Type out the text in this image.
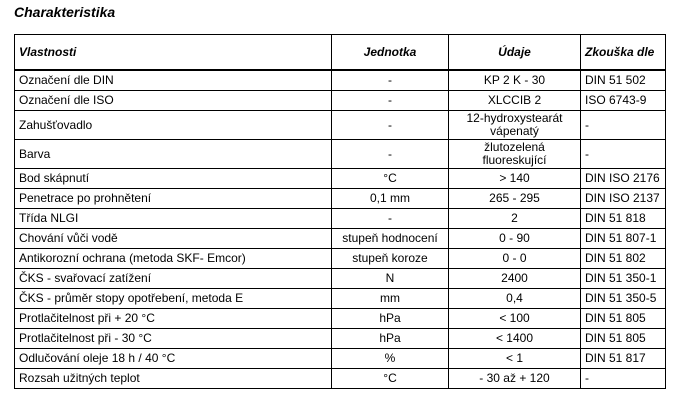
Charakteristika
Vlastnosti	Jednotka	Údaje	Zkouška dle
Označení dle DIN	-	KP 2 K - 30	DIN 51 502
Označení dle ISO	-	XLCCIB 2	ISO 6743-9
Zahušťovadlo	-	12-hydroxystearát vápenatý	-
Barva	-	žlutozelená fluoreskující	-
Bod skápnutí	°C	> 140	DIN ISO 2176
Penetrace po prohnětení	0,1 mm	265 - 295	DIN ISO 2137
Třída NLGI	-	2	DIN 51 818
Chování vůči vodě	stupeň hodnocení	0 - 90	DIN 51 807-1
Antikorozní ochrana (metoda SKF- Emcor)	stupeň koroze	0 - 0	DIN 51 802
ČKS - svařovací zatížení	N	2400	DIN 51 350-1
ČKS - průměr stopy opotřebení, metoda E	mm	0,4	DIN 51 350-5
Protlačitelnost při + 20 °C	hPa	< 100	DIN 51 805
Protlačitelnost při - 30 °C	hPa	< 1400	DIN 51 805
Odlučování oleje 18 h / 40 °C	%	< 1	DIN 51 817
Rozsah užitných teplot	°C	- 30 až + 120	-
